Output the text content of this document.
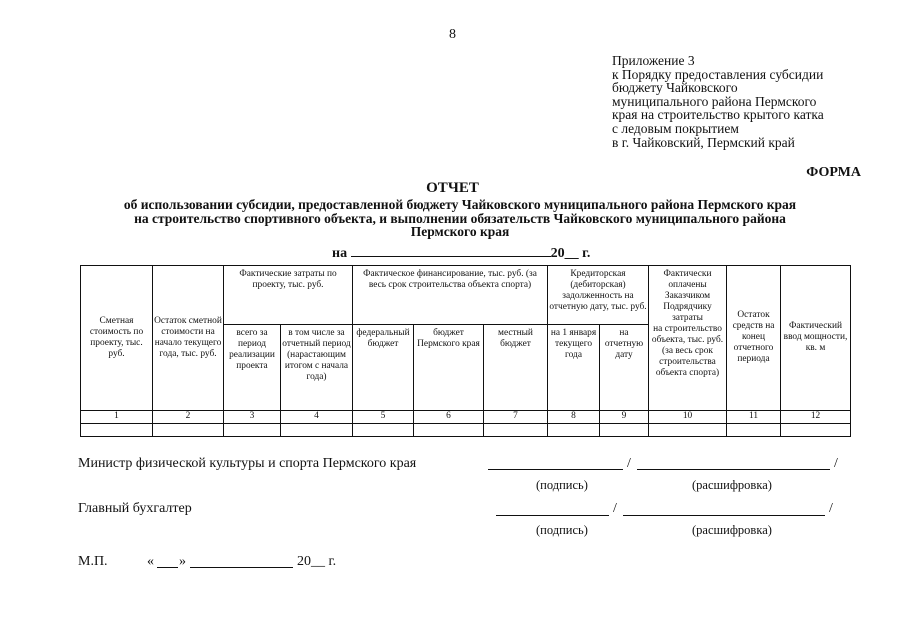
8
Приложение 3
к Порядку предоставления субсидии
бюджету Чайковского
муниципального района Пермского
края на строительство крытого катка
с ледовым покрытием
в г. Чайковский, Пермский край
ФОРМА
ОТЧЕТ
об использовании субсидии, предоставленной бюджету Чайковского муниципального района Пермского края
на строительство спортивного объекта, и выполнении обязательств Чайковского муниципального района
Пермского края
на	20__ г.
Сметная стоимость по проекту, тыс. руб.	Остаток сметной стоимости на начало текущего года, тыс. руб.	Фактические затраты по проекту, тыс. руб.		Фактическое финансирование, тыс. руб. (за весь срок строительства объекта спорта)			Кредиторская (дебиторская) задолженность на отчетную дату, тыс. руб.		Фактически оплачены Заказчиком Подрядчику затраты	Остаток средств на конец отчетного периода	Фактический ввод мощности, кв. м
		всего за период реализации проекта	в том числе за отчетный период (нарастающим итогом с начала года)	федеральный бюджет	бюджет Пермского края	местный бюджет	на 1 января текущего года	на отчетную дату	на строительство объекта, тыс. руб. (за весь срок строительства объекта спорта)		
1	2	3	4	5	6	7	8	9	10	11	12

Министр физической культуры и спорта Пермского края	/	/
(подпись)	(расшифровка)
Главный бухгалтер	/	/
(подпись)	(расшифровка)
М.П.	« »	20__ г.
